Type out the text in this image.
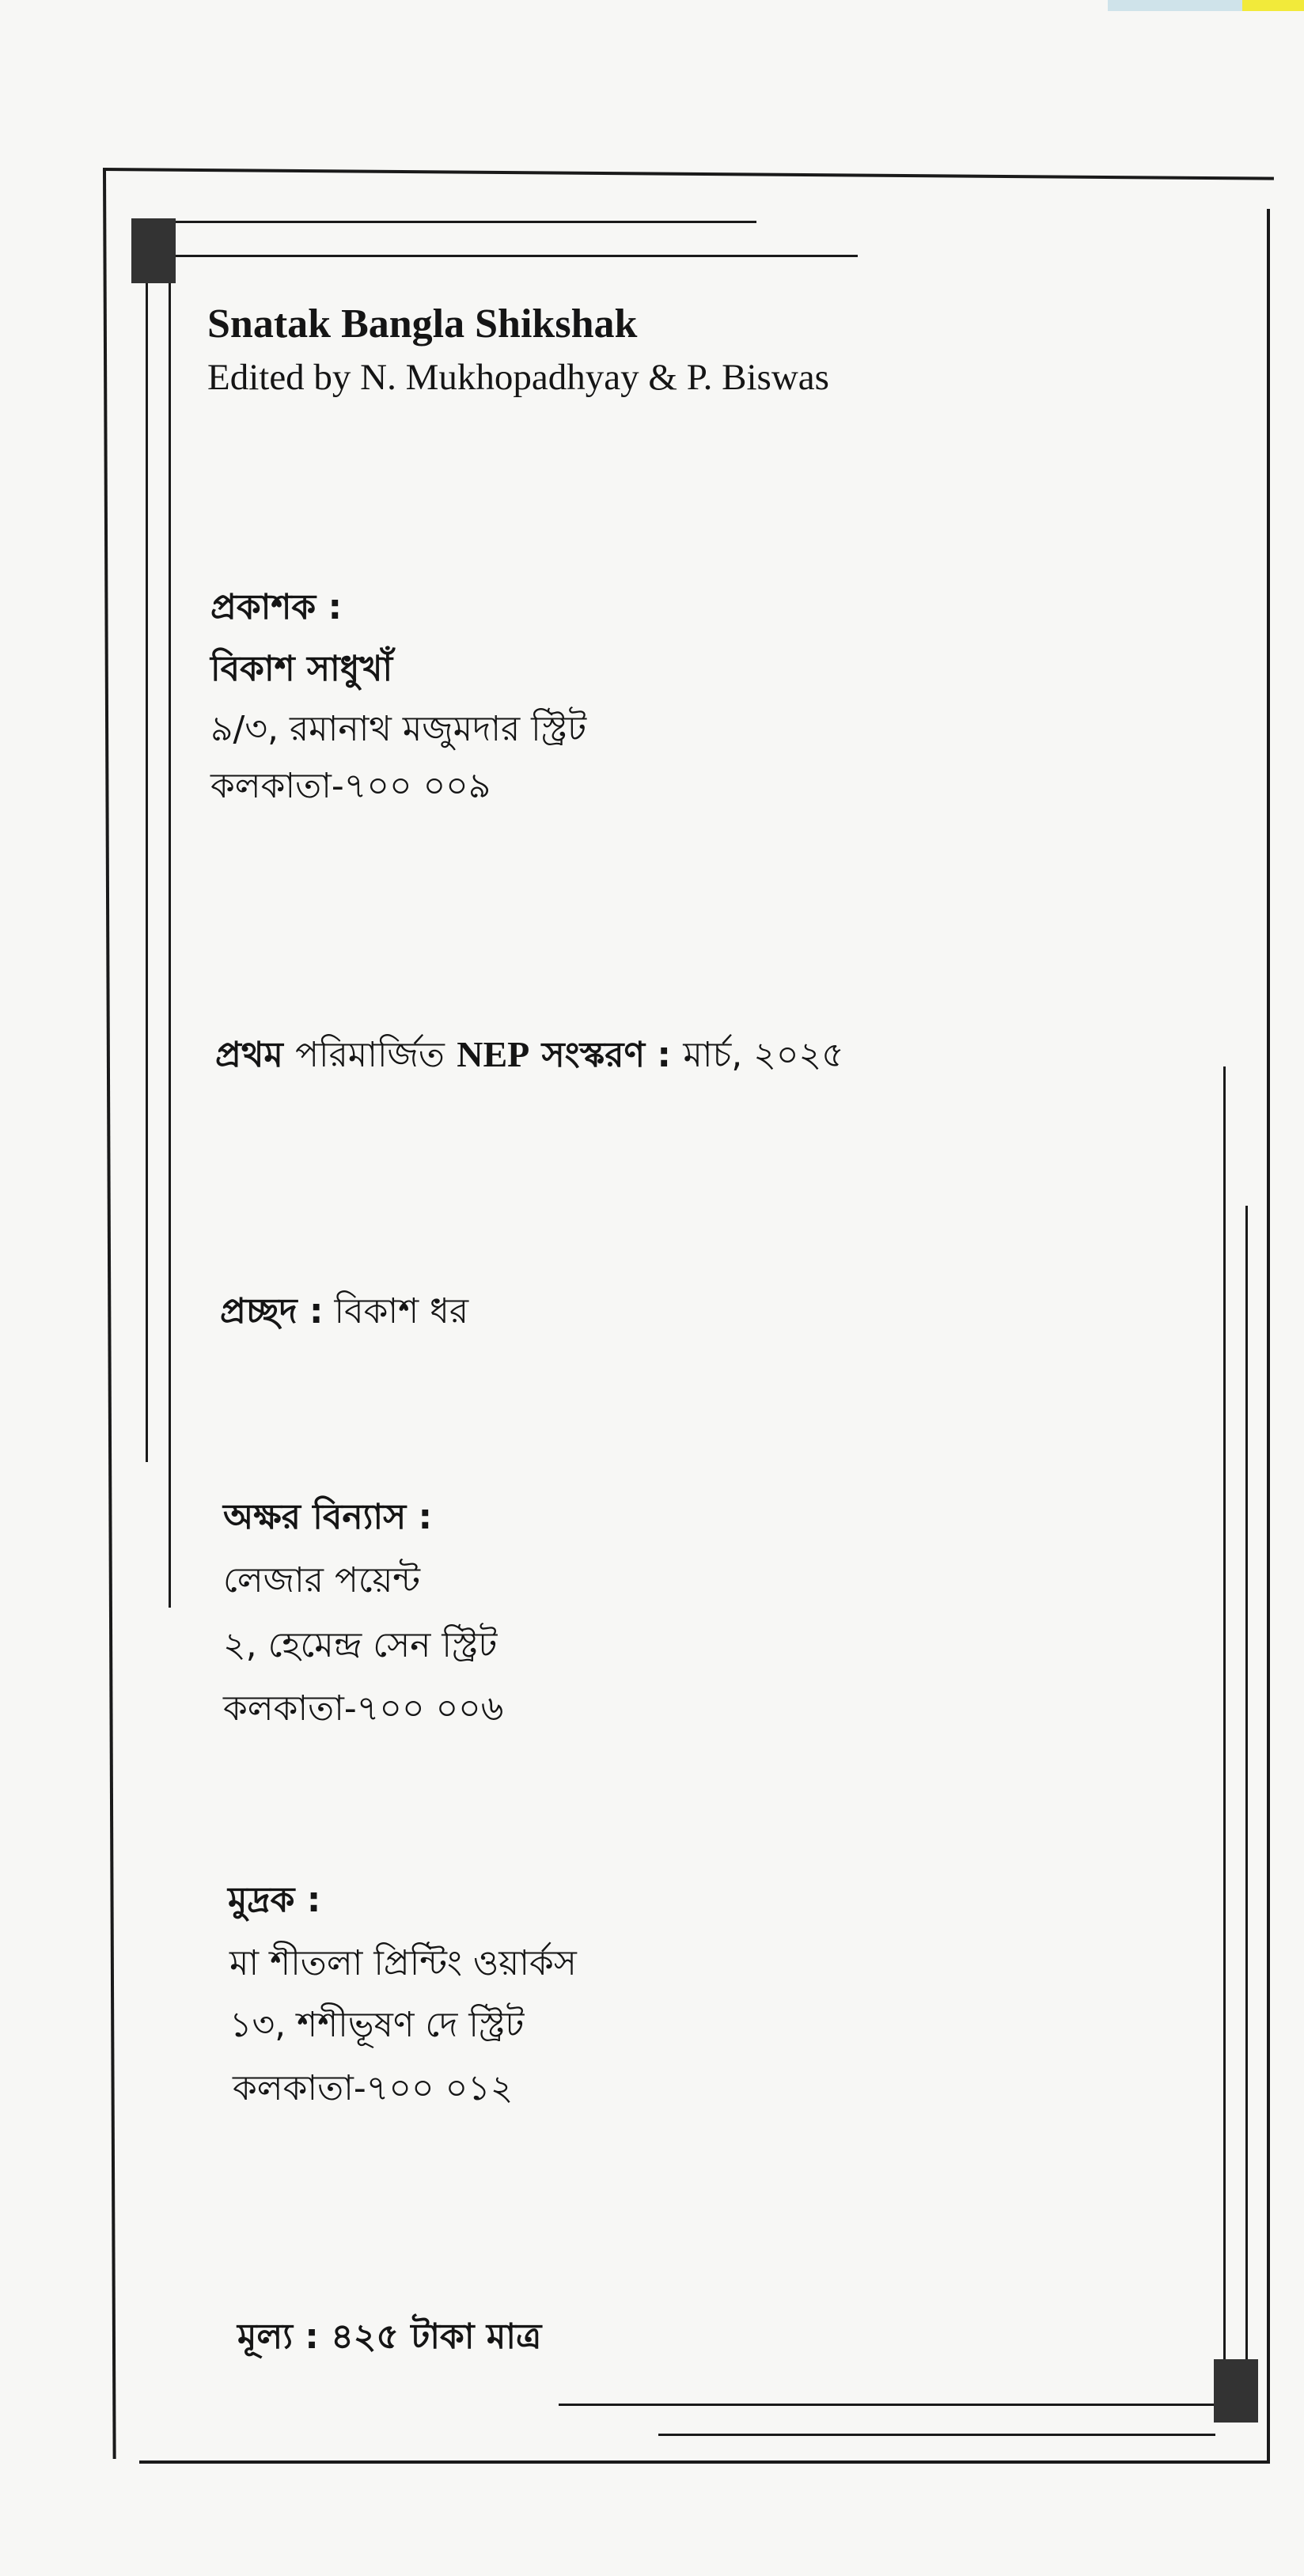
Snatak Bangla Shikshak
Edited by N. Mukhopadhyay & P. Biswas
প্রকাশক :
বিকাশ সাধুখাঁ
৯/৩, রমানাথ মজুমদার স্ট্রিট
কলকাতা-৭০০ ০০৯
প্রথম পরিমার্জিত NEP সংস্করণ : মার্চ, ২০২৫
প্রচ্ছদ : বিকাশ ধর
অক্ষর বিন্যাস :
লেজার পয়েন্ট
২, হেমেন্দ্র সেন স্ট্রিট
কলকাতা-৭০০ ০০৬
মুদ্রক :
মা শীতলা প্রিন্টিং ওয়ার্কস
১৩, শশীভূষণ দে স্ট্রিট
কলকাতা-৭০০ ০১২
মূল্য : ৪২৫ টাকা মাত্র
